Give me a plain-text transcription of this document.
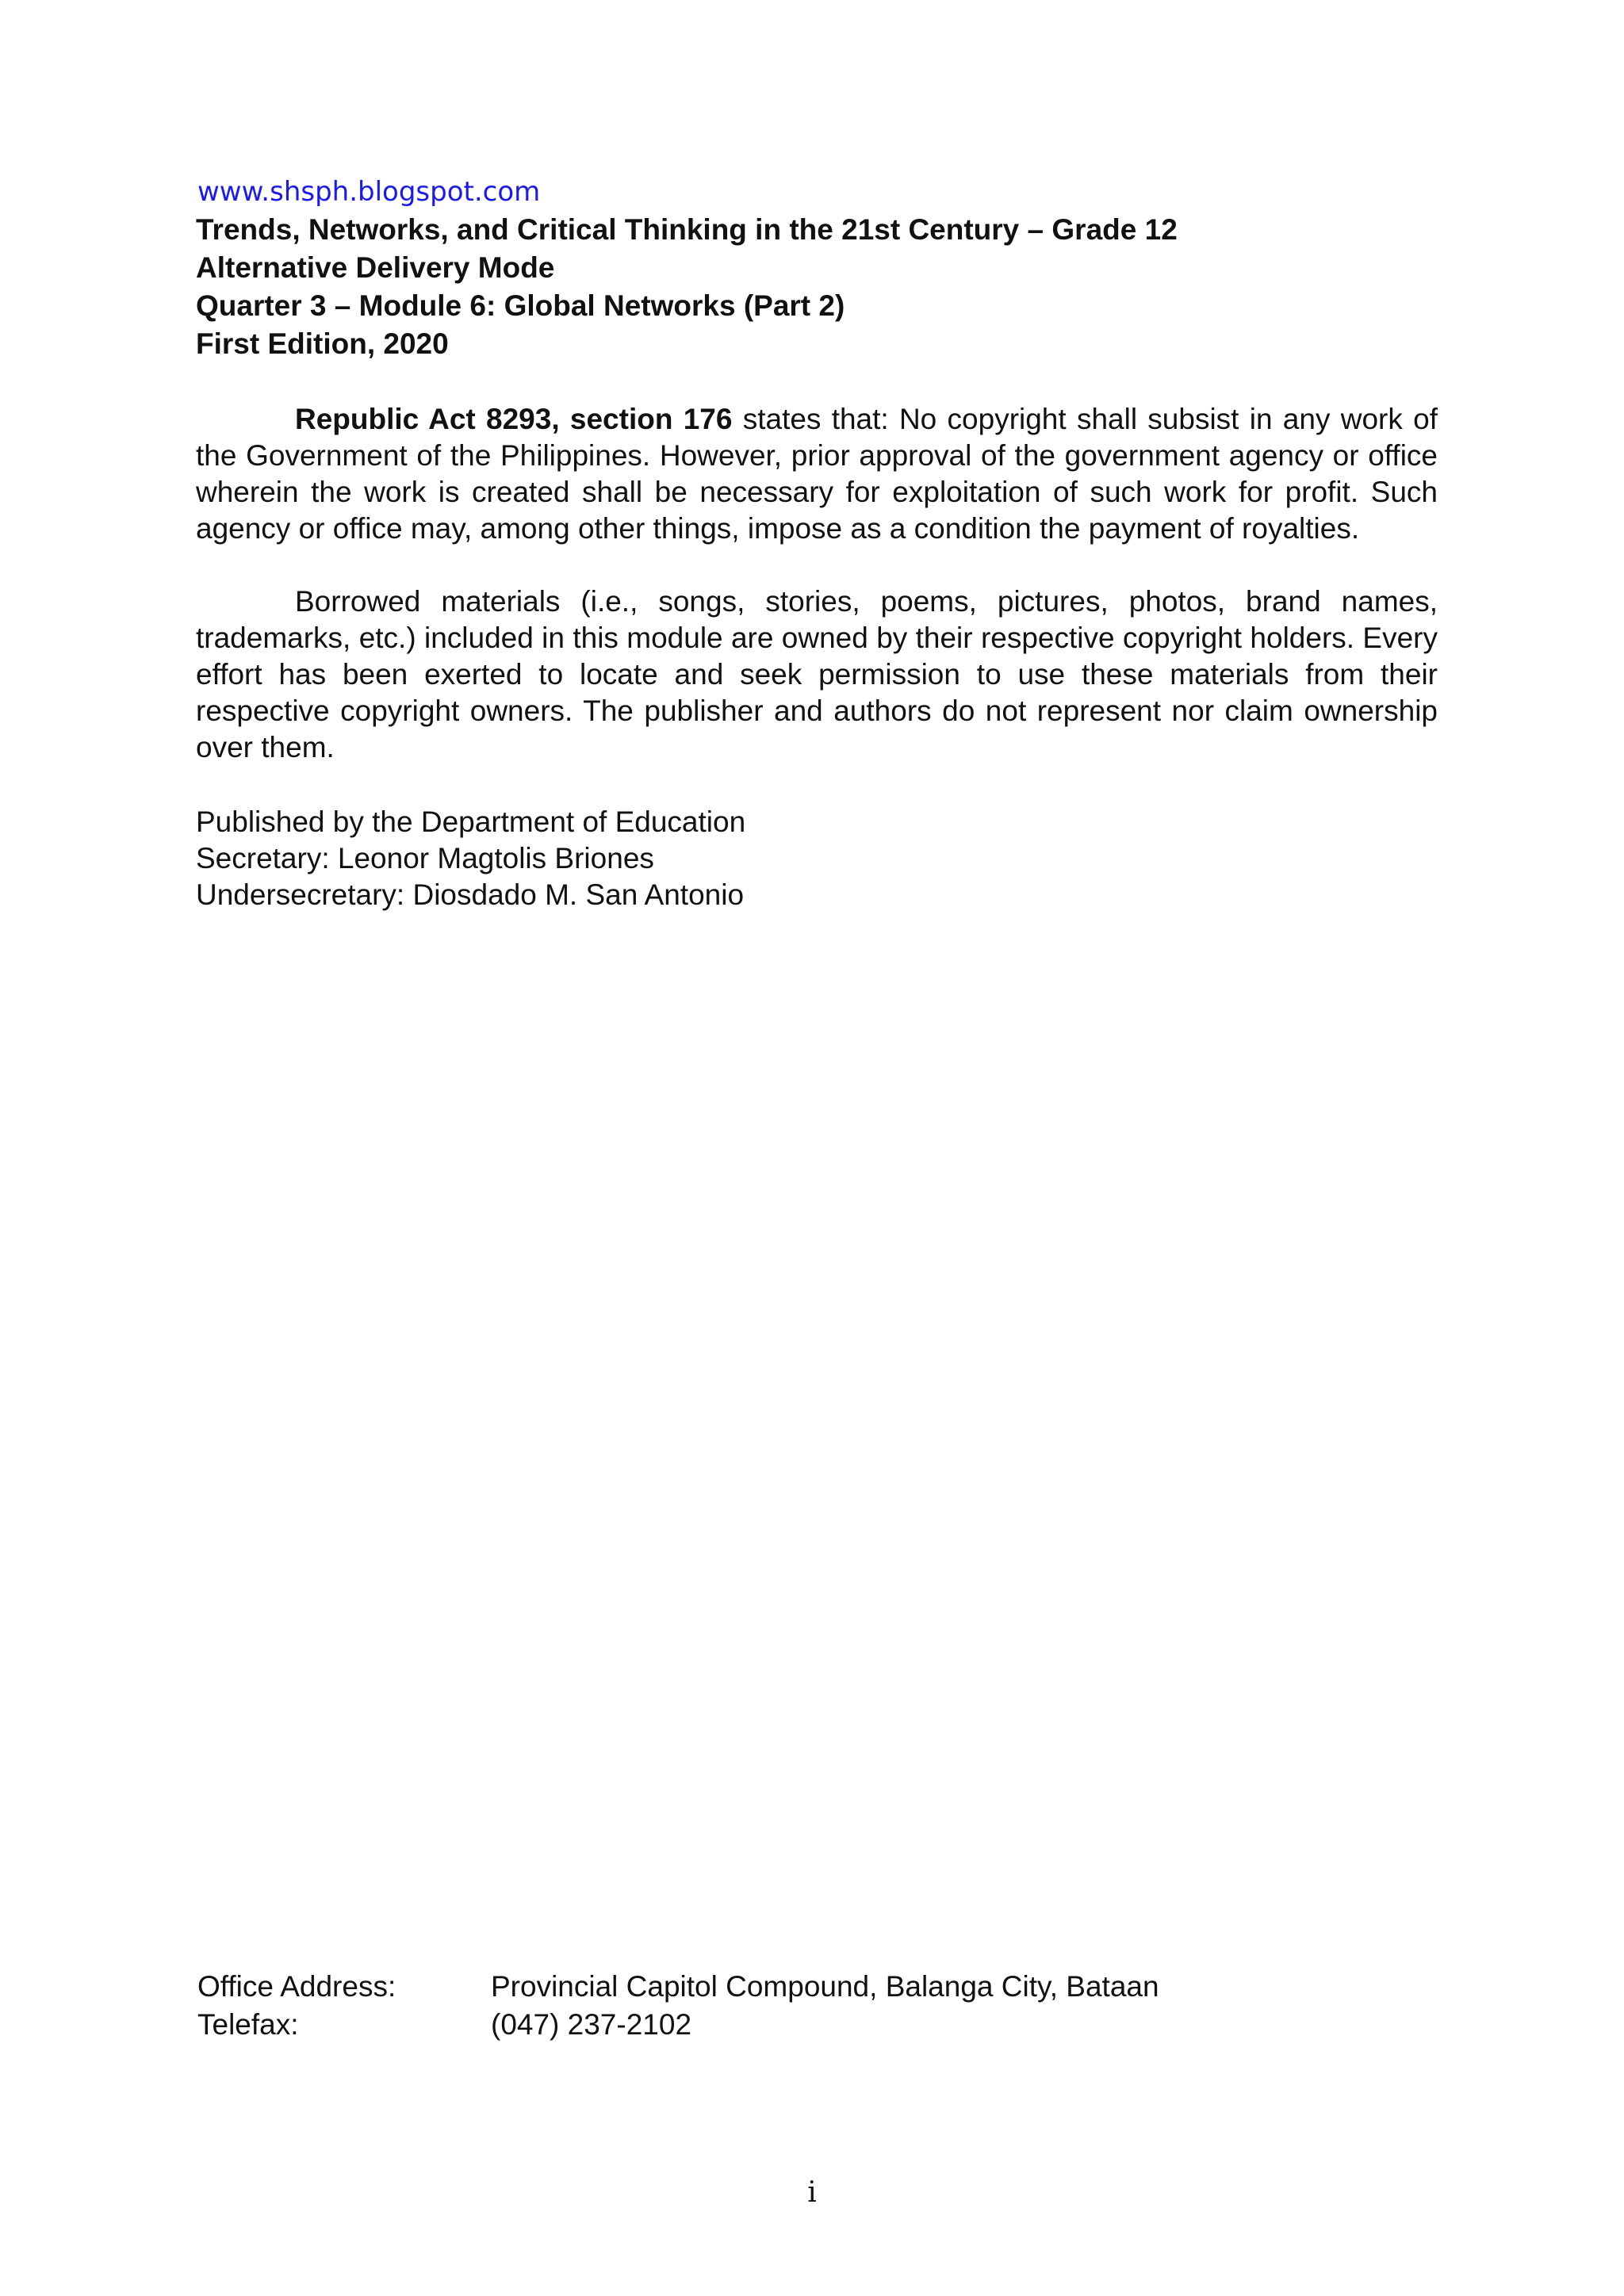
www.shsph.blogspot.com
Trends, Networks, and Critical Thinking in the 21st Century – Grade 12
Alternative Delivery Mode
Quarter 3 – Module 6: Global Networks (Part 2)
First Edition, 2020
Republic Act 8293, section 176 states that: No copyright shall subsist in any work of the Government of the Philippines. However, prior approval of the government agency or office wherein the work is created shall be necessary for exploitation of such work for profit. Such agency or office may, among other things, impose as a condition the payment of royalties.
Borrowed materials (i.e., songs, stories, poems, pictures, photos, brand names, trademarks, etc.) included in this module are owned by their respective copyright holders. Every effort has been exerted to locate and seek permission to use these materials from their respective copyright owners. The publisher and authors do not represent nor claim ownership over them.
Published by the Department of Education
Secretary: Leonor Magtolis Briones
Undersecretary: Diosdado M. San Antonio
Office Address:	Provincial Capitol Compound, Balanga City, Bataan
Telefax:	(047) 237-2102
i
